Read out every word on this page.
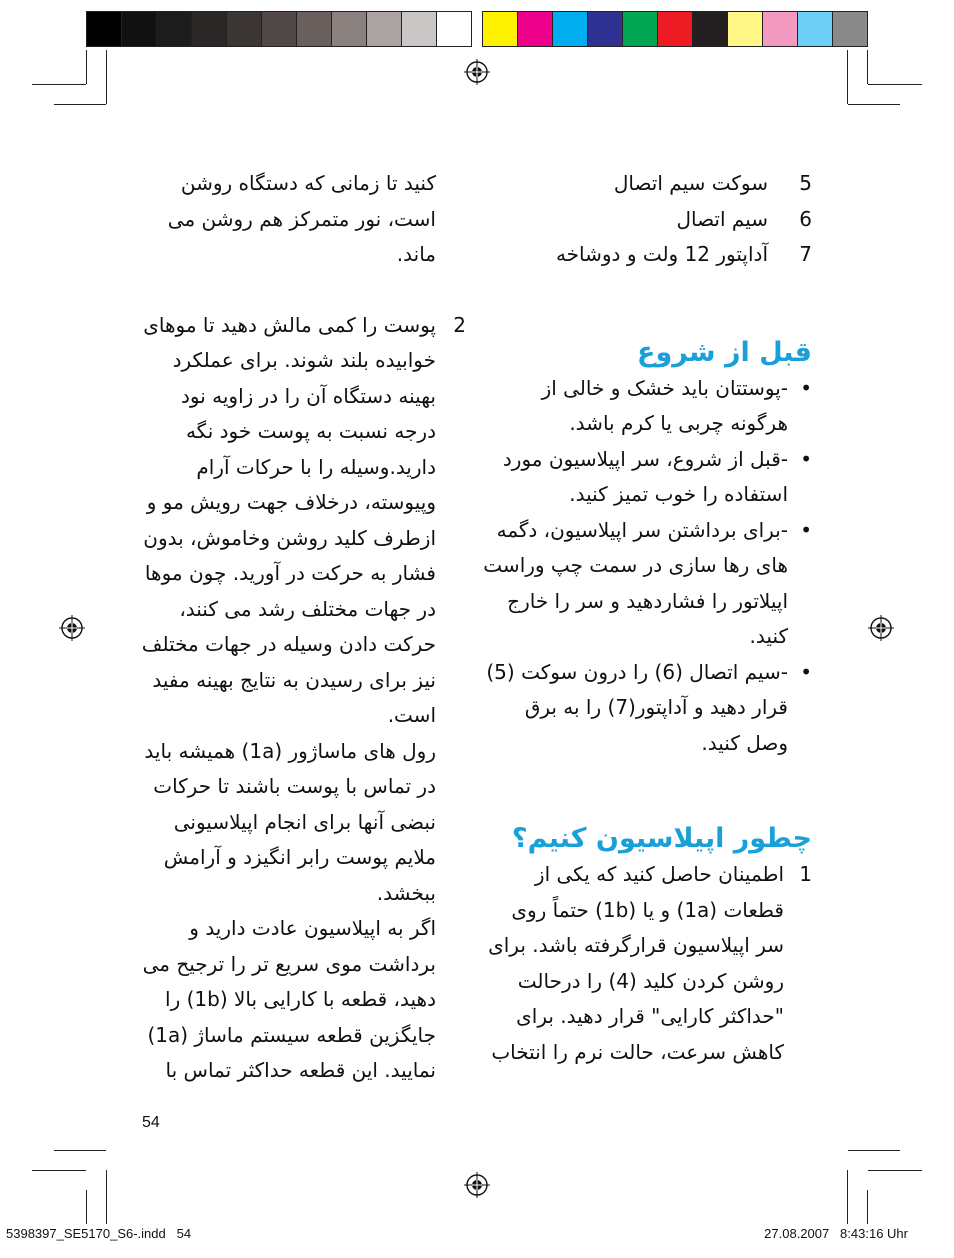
5
سوکت سیم اتصال
6
سیم اتصال
7
آداپتور 12 ولت و دوشاخه
قبل از شروع
•
-پوستتان باید خشک و خالی از
هرگونه چربی یا کرم باشد.
•
-قبل از شروع، سر اپیلاسیون مورد
استفاده را خوب تمیز کنید.
•
-برای برداشتن سر اپیلاسیون، دگمه
های رها سازی در سمت چپ وراست
اپیلاتور را فشاردهید و سر را خارج
کنید.
•
-سیم اتصال (6) را درون سوکت (5)
قرار دهید و آداپتور(7) را به برق
وصل کنید.
چطور اپیلاسیون کنیم؟
1
اطمینان حاصل کنید که یکی از
قطعات (1a) و یا (1b) حتماً روی
سر اپیلاسیون قرارگرفته باشد. برای
روشن کردن کلید (4) را درحالت
"حداکثر کارایی" قرار دهید. برای
کاهش سرعت، حالت نرم را انتخاب
کنید تا زمانی که دستگاه روشن
است، نور متمرکز هم روشن می
ماند.
پوست را کمی مالش دهید تا موهای
خوابیده بلند شوند. برای عملکرد
بهینه دستگاه آن را در زاویه نود
درجه نسبت به پوست خود نگه
دارید.وسیله را با حرکات آرام
وپیوسته، درخلاف جهت رویش مو و
ازطرف کلید روشن وخاموش، بدون
فشار به حرکت در آورید. چون موها
در جهات مختلف رشد می کنند،
حرکت دادن وسیله در جهات مختلف
نیز برای رسیدن به نتایج بهینه مفید
است.
رول های ماساژور (1a) همیشه باید
در تماس با پوست باشند تا حرکات
نبضی آنها برای انجام اپیلاسیونی
ملایم پوست رابر انگیزد و آرامش
ببخشد.
اگر به اپیلاسیون عادت دارید و
برداشت موی سریع تر را ترجیح می
دهید، قطعه با کارایی بالا (1b) را
جایگزین قطعه سیستم ماساژ (1a)
نمایید. این قطعه حداکثر تماس با
2
54
5398397_SE5170_S6-.indd   54	27.08.2007   8:43:16 Uhr
